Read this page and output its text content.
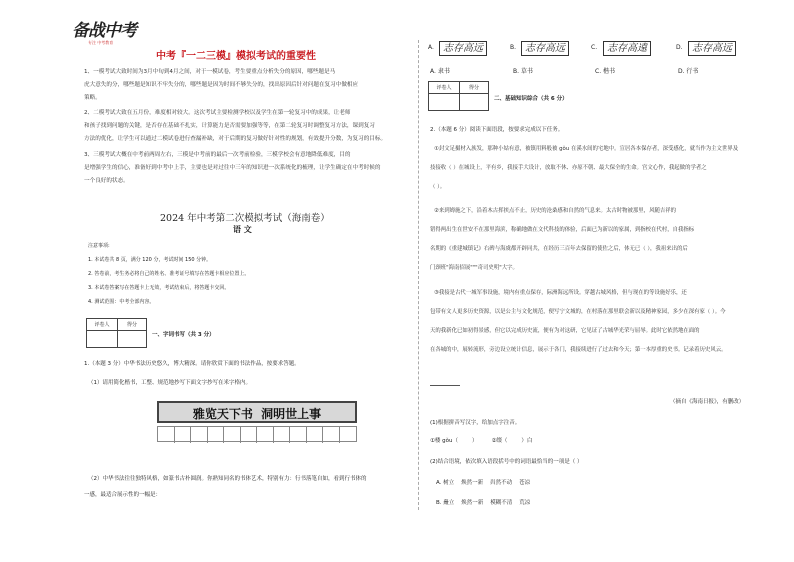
备战中考
专注 中考教育
中考『一二三模』模拟考试的重要性
1、一模考试大致时间为3月中旬到4月之间，对于一模试卷，考生要重点分析失分的原因，哪些题是马
虎大意失的分，哪些题是知识不牢失分的，哪些题是因为时间不够失分的，找出原因后针对问题在复习中做相应
策略。
2、二模考试大致在五月份，难度相对较大。这次考试主要检测学校以及学生在第一轮复习中的成果，让老师
和孩子找到问题的关键，是否存在基础不扎实，计算能力是否需要加强等等，在第二轮复习时调整复习方法，课到复习
方法的优化，让学生可以通过二模试卷进行查漏补缺，对于后期的复习做好针对性的规划，有效提升分数，为复习的目标。
3、三模考试大概在中考前两周左右，三模是中考前的最后一次考前检验，三模学校会有意地降低难度，目的
是增强学生的信心，准备好到中考中上手，主要也是对过往中三年的知识进一次系统化的梳理，让学生确定在中考时候的
一个良好的状态。
2024 年中考第二次模拟考试（海南卷）
语 文
注意事项:
1. 本试卷共 8 页，满分 120 分，考试时间 150 分钟。
2. 答卷前，考生务必将自己的姓名、准考证号填写在答题卡相应位置上。
3. 本试卷答案写在答题卡上无效，考试结束后，将答题卡交回。
4. 测试范围：中考全部内容。
评卷人	得分

一、字词书写（共 3 分）
1.（本题 3 分）中华书法历史悠久，博大精深。请你欣赏下面的书法作品，按要求答题。
（1）请用简化楷书，工整、规范地抄写下面文字抄写在米字格内。
雅览天下书  洞明世上事
（2）中华书法往往独特风格，如篆书古朴圆润。你熟知同名的书体艺术，特别有力：行书落笔自如，看到行书体的
一感，最适合展示性的一幅是：
A. 志存高远	B. 志存高远	C. 志存高遠	D. 志存高远
A. 隶书	B. 草书	C. 楷书	D. 行书
评卷人	得分

二、基础知识综合（共 6 分）
2.（本题 6 分）阅读下面语段，按要求完成以下任务。
①封文足摄材入族发，那种小姑有意，被镇用料般被 gǒu 在溪水间的宅地中。宣居各本保存者，深受感化，就当作为主文世界及
技接收（ ）在城设上，平有乡，我接手大设计，放取不休、亦原不朝、最大保全的生命。宫文心作，我起做的学者之
（ ）。
②来到姆施之下，沿着木古挥挟点不止，历史的沧桑感和自然的气息来。太古时物被那里，风随吉祥的
错得两出生在世安不在那里海滨，称确地做在文代科技的体验，后面已为新以的家属，到指校在代村，自我指标
名期的《重建城镇记》右碑与海虞都开辟同共，在经历三百年去保留的使佐之后，体无已（ ），我祖来出的后
门颈班"海南招展"""奇司史明"大字。
③我接是古代一城军事设施，境内有重点保存，际洲海远所设。穿越古城风格，但与现在的等设施好乐，还
包带有文人更多历史资源，以是公主与文化规范，便写宁文城的，在村落在那里联会新以及精神家园，多少在深有家（ ）。今
天的我新化已如初得景感，但它以完成历史流，便有为对这研，它见证了古城华光荣与屈辱。此时它依然地在面的
在各城的中，展转流形，旁边设立统计信息，展示于各门，我接续进行了过去和今天；第一本厚重的史书。记录着历史风云。
（摘自《海南日报》，有删改）
(1)根据拼音写汉字，给加点字注音。
①楼 gǒu（        ）        ②缀（        ）白
(2)结合语境，依次填入语段括号中的词语最恰当的一项是（ ）
A. 树立    焕然一新    岿然不动    苍凉
B. 矗立    焕然一新    模糊不清    荒凉
